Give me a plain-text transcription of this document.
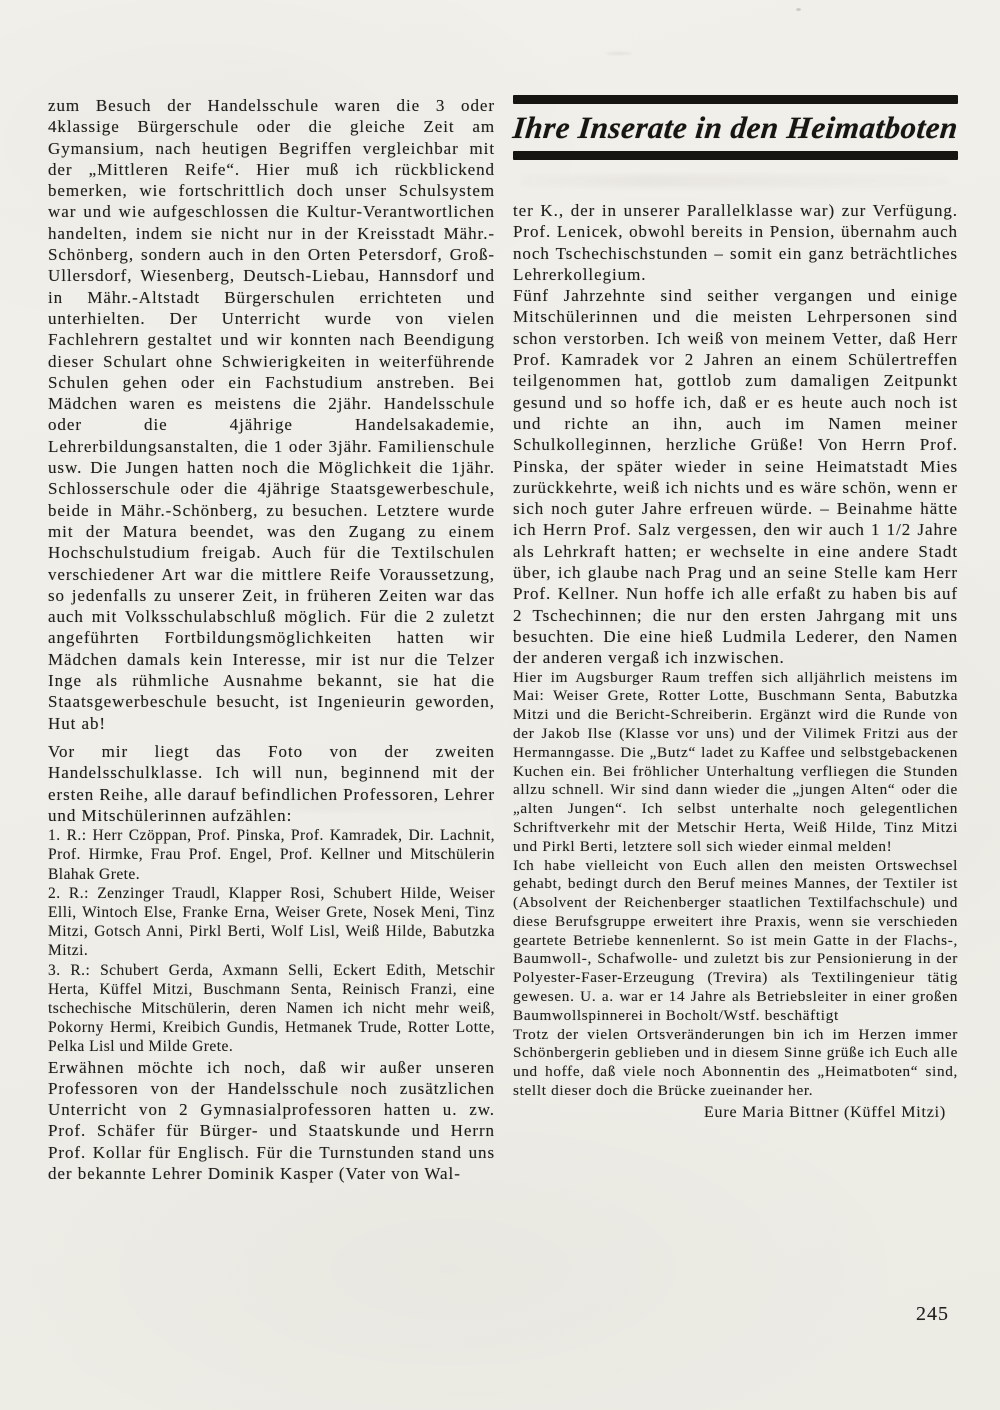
zum Besuch der Handelsschule waren die 3 oder 4klassige Bürgerschule oder die gleiche Zeit am Gymansium, nach heutigen Begriffen vergleichbar mit der „Mittleren Reife“. Hier muß ich rückblickend bemerken, wie fortschrittlich doch unser Schulsystem war und wie aufgeschlossen die Kultur-Verantwortlichen handelten, indem sie nicht nur in der Kreisstadt Mähr.-Schönberg, sondern auch in den Orten Petersdorf, Groß-Ullersdorf, Wiesenberg, Deutsch-Liebau, Hannsdorf und in Mähr.-Altstadt Bürgerschulen errichteten und unterhielten. Der Unterricht wurde von vielen Fachlehrern gestaltet und wir konnten nach Beendigung dieser Schulart ohne Schwierigkeiten in weiterführende Schulen gehen oder ein Fachstudium anstreben. Bei Mädchen waren es meistens die 2jähr. Handelsschule oder die 4jährige Handelsakademie, Lehrerbildungsanstalten, die 1 oder 3jähr. Familienschule usw. Die Jungen hatten noch die Möglichkeit die 1jähr. Schlosserschule oder die 4jährige Staatsgewerbeschule, beide in Mähr.-Schönberg, zu besuchen. Letztere wurde mit der Matura beendet, was den Zugang zu einem Hochschulstudium freigab. Auch für die Textilschulen verschiedener Art war die mittlere Reife Voraussetzung, so jedenfalls zu unserer Zeit, in früheren Zeiten war das auch mit Volksschulabschluß möglich. Für die 2 zuletzt angeführten Fortbildungsmöglichkeiten hatten wir Mädchen damals kein Interesse, mir ist nur die Telzer Inge als rühmliche Ausnahme bekannt, sie hat die Staatsgewerbeschule besucht, ist Ingenieurin geworden, Hut ab!

Vor mir liegt das Foto von der zweiten Handelsschulklasse. Ich will nun, beginnend mit der ersten Reihe, alle darauf befindlichen Professoren, Lehrer und Mitschülerinnen aufzählen:

1. R.: Herr Czöppan, Prof. Pinska, Prof. Kamradek, Dir. Lachnit, Prof. Hirmke, Frau Prof. Engel, Prof. Kellner und Mitschülerin Blahak Grete.

2. R.: Zenzinger Traudl, Klapper Rosi, Schubert Hilde, Weiser Elli, Wintoch Else, Franke Erna, Weiser Grete, Nosek Meni, Tinz Mitzi, Gotsch Anni, Pirkl Berti, Wolf Lisl, Weiß Hilde, Babutzka Mitzi.

3. R.: Schubert Gerda, Axmann Selli, Eckert Edith, Metschir Herta, Küffel Mitzi, Buschmann Senta, Reinisch Franzi, eine tschechische Mitschülerin, deren Namen ich nicht mehr weiß, Pokorny Hermi, Kreibich Gundis, Hetmanek Trude, Rotter Lotte, Pelka Lisl und Milde Grete.

Erwähnen möchte ich noch, daß wir außer unseren Professoren von der Handelsschule noch zusätzlichen Unterricht von 2 Gymnasialprofessoren hatten u. zw. Prof. Schäfer für Bürger- und Staatskunde und Herrn Prof. Kollar für Englisch. Für die Turnstunden stand uns der bekannte Lehrer Dominik Kasper (Vater von Wal-

Ihre Inserate in den Heimatboten

ter K., der in unserer Parallelklasse war) zur Verfügung. Prof. Lenicek, obwohl bereits in Pension, übernahm auch noch Tschechischstunden – somit ein ganz beträchtliches Lehrerkollegium.

Fünf Jahrzehnte sind seither vergangen und einige Mitschülerinnen und die meisten Lehrpersonen sind schon verstorben. Ich weiß von meinem Vetter, daß Herr Prof. Kamradek vor 2 Jahren an einem Schülertreffen teilgenommen hat, gottlob zum damaligen Zeitpunkt gesund und so hoffe ich, daß er es heute auch noch ist und richte an ihn, auch im Namen meiner Schulkolleginnen, herzliche Grüße! Von Herrn Prof. Pinska, der später wieder in seine Heimatstadt Mies zurückkehrte, weiß ich nichts und es wäre schön, wenn er sich noch guter Jahre erfreuen würde. – Beinahme hätte ich Herrn Prof. Salz vergessen, den wir auch 1 1/2 Jahre als Lehrkraft hatten; er wechselte in eine andere Stadt über, ich glaube nach Prag und an seine Stelle kam Herr Prof. Kellner. Nun hoffe ich alle erfaßt zu haben bis auf 2 Tschechinnen; die nur den ersten Jahrgang mit uns besuchten. Die eine hieß Ludmila Lederer, den Namen der anderen vergaß ich inzwischen.

Hier im Augsburger Raum treffen sich alljährlich meistens im Mai: Weiser Grete, Rotter Lotte, Buschmann Senta, Babutzka Mitzi und die Bericht-Schreiberin. Ergänzt wird die Runde von der Jakob Ilse (Klasse vor uns) und der Vilimek Fritzi aus der Hermanngasse. Die „Butz“ ladet zu Kaffee und selbstgebackenen Kuchen ein. Bei fröhlicher Unterhaltung verfliegen die Stunden allzu schnell. Wir sind dann wieder die „jungen Alten“ oder die „alten Jungen“. Ich selbst unterhalte noch gelegentlichen Schriftverkehr mit der Metschir Herta, Weiß Hilde, Tinz Mitzi und Pirkl Berti, letztere soll sich wieder einmal melden!

Ich habe vielleicht von Euch allen den meisten Ortswechsel gehabt, bedingt durch den Beruf meines Mannes, der Textiler ist (Absolvent der Reichenberger staatlichen Textilfachschule) und diese Berufsgruppe erweitert ihre Praxis, wenn sie verschieden geartete Betriebe kennenlernt. So ist mein Gatte in der Flachs-, Baumwoll-, Schafwolle- und zuletzt bis zur Pensionierung in der Polyester-Faser-Erzeugung (Trevira) als Textilingenieur tätig gewesen. U. a. war er 14 Jahre als Betriebsleiter in einer großen Baumwollspinnerei in Bocholt/Wstf. beschäftigt

Trotz der vielen Ortsveränderungen bin ich im Herzen immer Schönbergerin geblieben und in diesem Sinne grüße ich Euch alle und hoffe, daß viele noch Abonnentin des „Heimatboten“ sind, stellt dieser doch die Brücke zueinander her.

Eure Maria Bittner (Küffel Mitzi)

245
